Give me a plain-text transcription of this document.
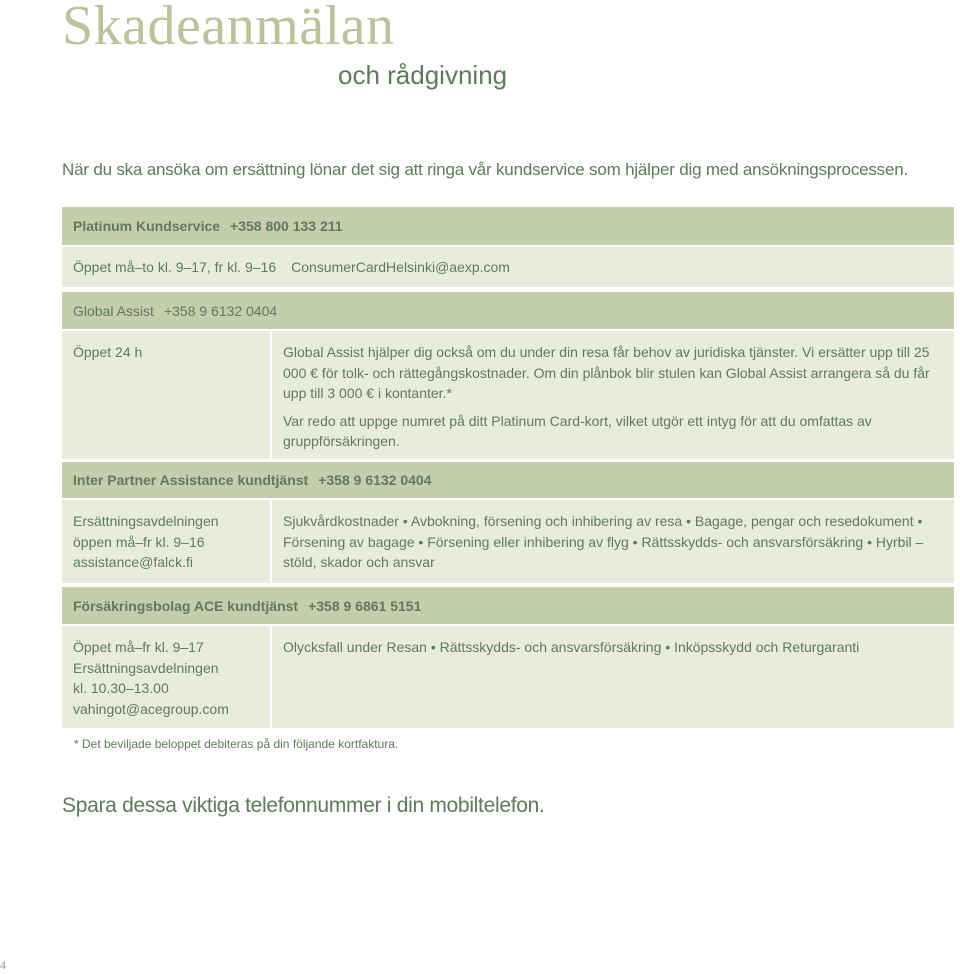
Skadeanmälan
och rådgivning
När du ska ansöka om ersättning lönar det sig att ringa vår kundservice som hjälper dig med ansökningsprocessen.
Platinum Kundservice +358 800 133 211
Öppet må–to kl. 9–17, fr kl. 9–16 ConsumerCardHelsinki@aexp.com
Global Assist +358 9 6132 0404

Öppet 24 h	Global Assist hjälper dig också om du under din resa får behov av juridiska tjänster. Vi ersätter upp till 25 000 € för tolk- och rättegångskostnader. Om din plånbok blir stulen kan Global Assist arrangera så du får upp till 3 000 € i kontanter.*

Var redo att uppge numret på ditt Platinum Card-kort, vilket utgör ett intyg för att du omfattas av gruppförsäkringen.

Inter Partner Assistance kundtjänst +358 9 6132 0404

Ersättningsavdelningen

öppen må–fr kl. 9–16

assistance@falck.fi

Sjukvårdkostnader • Avbokning, försening och inhibering av resa • Bagage, pengar och resedokument • Försening av bagage • Försening eller inhibering av flyg • Rättsskydds- och ansvarsförsäkring • Hyrbil – stöld, skador och ansvar

Försäkringsbolag ACE kundtjänst +358 9 6861 5151

Öppet må–fr kl. 9–17

Ersättningsavdelningen

kl. 10.30–13.00

vahingot@acegroup.com

Olycksfall under Resan • Rättsskydds- och ansvarsförsäkring • Inköpsskydd och Returgaranti

* Det beviljade beloppet debiteras på din följande kortfaktura.
Spara dessa viktiga telefonnummer i din mobiltelefon.
4
